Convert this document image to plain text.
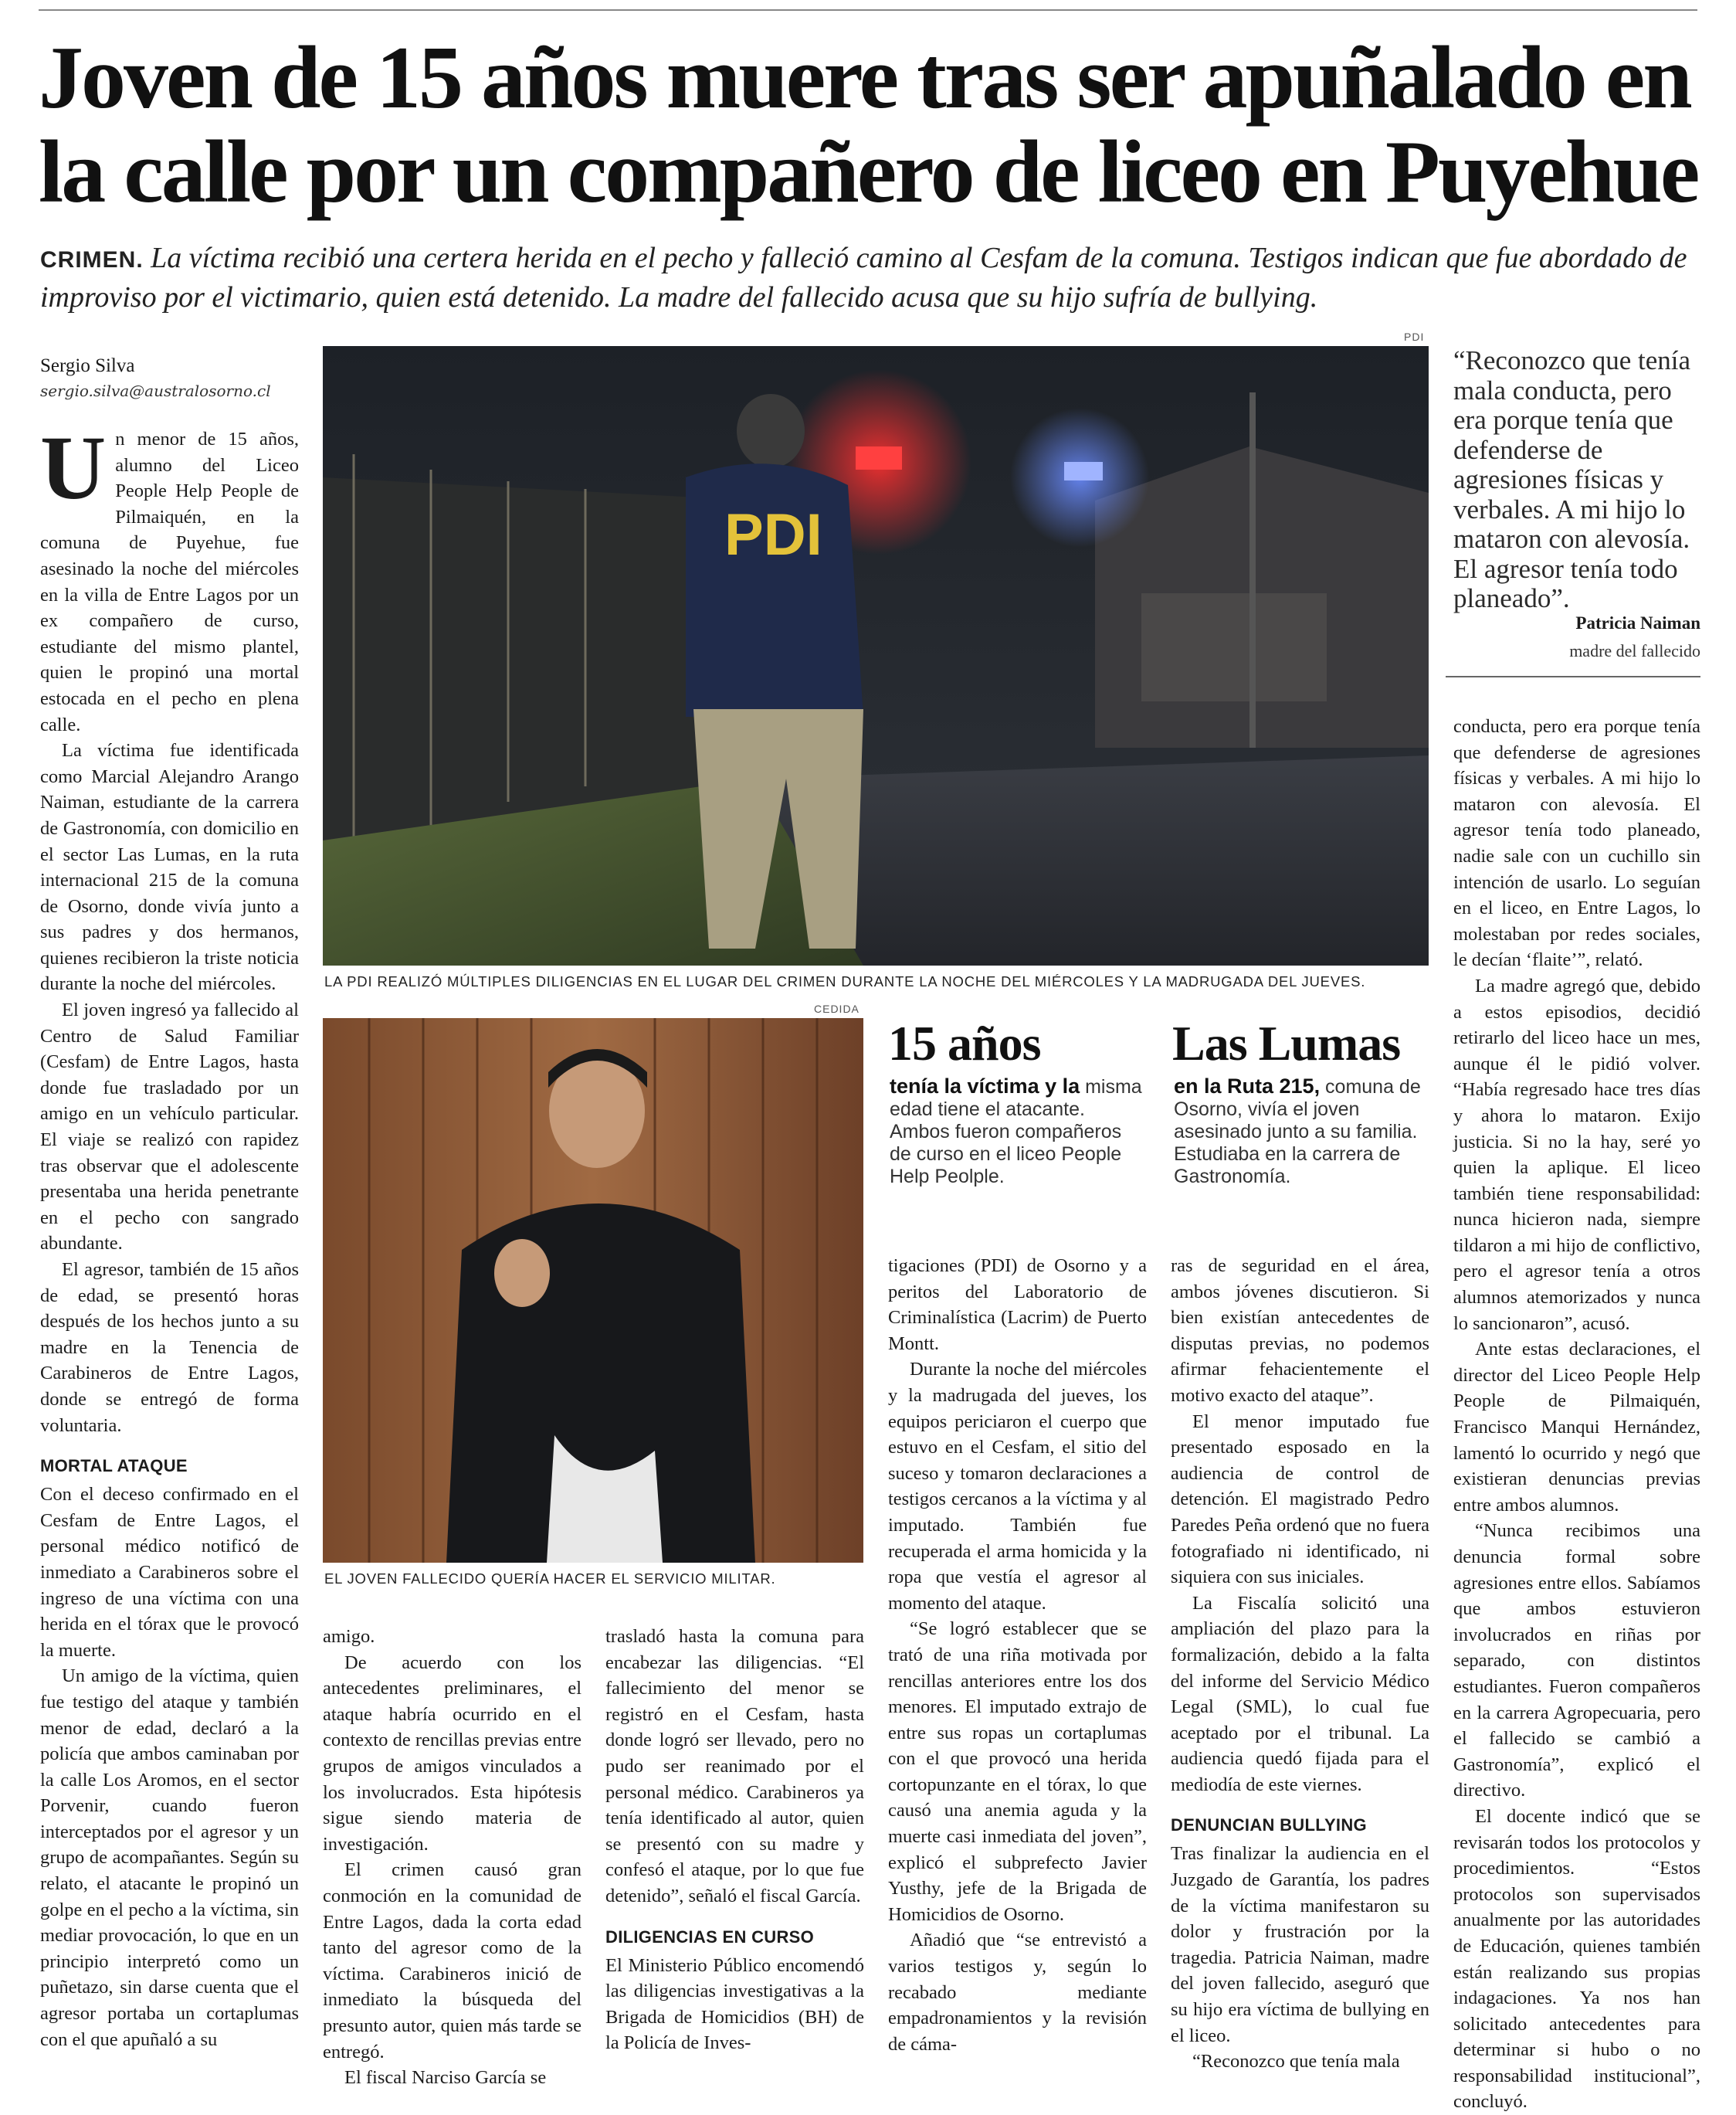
Joven de 15 años muere tras ser apuñalado en la calle por un compañero de liceo en Puyehue
CRIMEN. La víctima recibió una certera herida en el pecho y falleció camino al Cesfam de la comuna. Testigos indican que fue abordado de improviso por el victimario, quien está detenido. La madre del fallecido acusa que su hijo sufría de bullying.
Sergio Silva
sergio.silva@australosorno.cl

Un menor de 15 años, alumno del Liceo People Help People de Pilmaiquén, en la comuna de Puyehue, fue asesinado la noche del miércoles en la villa de Entre Lagos por un ex compañero de curso, estudiante del mismo plantel, quien le propinó una mortal estocada en el pecho en plena calle.

La víctima fue identificada como Marcial Alejandro Arango Naiman, estudiante de la carrera de Gastronomía, con domicilio en el sector Las Lumas, en la ruta internacional 215 de la comuna de Osorno, donde vivía junto a sus padres y dos hermanos, quienes recibieron la triste noticia durante la noche del miércoles.

El joven ingresó ya fallecido al Centro de Salud Familiar (Cesfam) de Entre Lagos, hasta donde fue trasladado por un amigo en un vehículo particular. El viaje se realizó con rapidez tras observar que el adolescente presentaba una herida penetrante en el pecho con sangrado abundante.

El agresor, también de 15 años de edad, se presentó horas después de los hechos junto a su madre en la Tenencia de Carabineros de Entre Lagos, donde se entregó de forma voluntaria.

MORTAL ATAQUE

Con el deceso confirmado en el Cesfam de Entre Lagos, el personal médico notificó de inmediato a Carabineros sobre el ingreso de una víctima con una herida en el tórax que le provocó la muerte.

Un amigo de la víctima, quien fue testigo del ataque y también menor de edad, declaró a la policía que ambos caminaban por la calle Los Aromos, en el sector Porvenir, cuando fueron interceptados por el agresor y un grupo de acompañantes. Según su relato, el atacante le propinó un golpe en el pecho a la víctima, sin mediar provocación, lo que en un principio interpretó como un puñetazo, sin darse cuenta que el agresor portaba un cortaplumas con el que apuñaló a su

PDI
PDI
LA PDI REALIZÓ MÚLTIPLES DILIGENCIAS EN EL LUGAR DEL CRIMEN DURANTE LA NOCHE DEL MIÉRCOLES Y LA MADRUGADA DEL JUEVES.
CEDIDA
EL JOVEN FALLECIDO QUERÍA HACER EL SERVICIO MILITAR.
“Reconozco que tenía mala conducta, pero era porque tenía que defenderse de agresiones físicas y verbales. A mi hijo lo mataron con alevosía. El agresor tenía todo planeado”.
Patricia Naiman
madre del fallecido
15 años
tenía la víctima y la misma edad tiene el atacante. Ambos fueron compañeros de curso en el liceo People Help Peolple.
Las Lumas
en la Ruta 215, comuna de Osorno, vivía el joven asesinado junto a su familia. Estudiaba en la carrera de Gastronomía.

amigo.

De acuerdo con los antecedentes preliminares, el ataque habría ocurrido en el contexto de rencillas previas entre grupos de amigos vinculados a los involucrados. Esta hipótesis sigue siendo materia de investigación.

El crimen causó gran conmoción en la comunidad de Entre Lagos, dada la corta edad tanto del agresor como de la víctima. Carabineros inició de inmediato la búsqueda del presunto autor, quien más tarde se entregó.

El fiscal Narciso García se

trasladó hasta la comuna para encabezar las diligencias. “El fallecimiento del menor se registró en el Cesfam, hasta donde logró ser llevado, pero no pudo ser reanimado por el personal médico. Carabineros ya tenía identificado al autor, quien se presentó con su madre y confesó el ataque, por lo que fue detenido”, señaló el fiscal García.

DILIGENCIAS EN CURSO

El Ministerio Público encomendó las diligencias investigativas a la Brigada de Homicidios (BH) de la Policía de Inves-

tigaciones (PDI) de Osorno y a peritos del Laboratorio de Criminalística (Lacrim) de Puerto Montt.

Durante la noche del miércoles y la madrugada del jueves, los equipos periciaron el cuerpo que estuvo en el Cesfam, el sitio del suceso y tomaron declaraciones a testigos cercanos a la víctima y al imputado. También fue recuperada el arma homicida y la ropa que vestía el agresor al momento del ataque.

“Se logró establecer que se trató de una riña motivada por rencillas anteriores entre los dos menores. El imputado extrajo de entre sus ropas un cortaplumas con el que provocó una herida cortopunzante en el tórax, lo que causó una anemia aguda y la muerte casi inmediata del joven”, explicó el subprefecto Javier Yusthy, jefe de la Brigada de Homicidios de Osorno.

Añadió que “se entrevistó a varios testigos y, según lo recabado mediante empadronamientos y la revisión de cáma-

ras de seguridad en el área, ambos jóvenes discutieron. Si bien existían antecedentes de disputas previas, no podemos afirmar fehacientemente el motivo exacto del ataque”.

El menor imputado fue presentado esposado en la audiencia de control de detención. El magistrado Pedro Paredes Peña ordenó que no fuera fotografiado ni identificado, ni siquiera con sus iniciales.

La Fiscalía solicitó una ampliación del plazo para la formalización, debido a la falta del informe del Servicio Médico Legal (SML), lo cual fue aceptado por el tribunal. La audiencia quedó fijada para el mediodía de este viernes.

DENUNCIAN BULLYING

Tras finalizar la audiencia en el Juzgado de Garantía, los padres de la víctima manifestaron su dolor y frustración por la tragedia. Patricia Naiman, madre del joven fallecido, aseguró que su hijo era víctima de bullying en el liceo.

“Reconozco que tenía mala

conducta, pero era porque tenía que defenderse de agresiones físicas y verbales. A mi hijo lo mataron con alevosía. El agresor tenía todo planeado, nadie sale con un cuchillo sin intención de usarlo. Lo seguían en el liceo, en Entre Lagos, lo molestaban por redes sociales, le decían ‘flaite’”, relató.

La madre agregó que, debido a estos episodios, decidió retirarlo del liceo hace un mes, aunque él le pidió volver. “Había regresado hace tres días y ahora lo mataron. Exijo justicia. Si no la hay, seré yo quien la aplique. El liceo también tiene responsabilidad: nunca hicieron nada, siempre tildaron a mi hijo de conflictivo, pero el agresor tenía a otros alumnos atemorizados y nunca lo sancionaron”, acusó.

Ante estas declaraciones, el director del Liceo People Help People de Pilmaiquén, Francisco Manqui Hernández, lamentó lo ocurrido y negó que existieran denuncias previas entre ambos alumnos.

“Nunca recibimos una denuncia formal sobre agresiones entre ellos. Sabíamos que ambos estuvieron involucrados en riñas por separado, con distintos estudiantes. Fueron compañeros en la carrera Agropecuaria, pero el fallecido se cambió a Gastronomía”, explicó el directivo.

El docente indicó que se revisarán todos los protocolos y procedimientos. “Estos protocolos son supervisados anualmente por las autoridades de Educación, quienes también están realizando sus propias indagaciones. Ya nos han solicitado antecedentes para determinar si hubo o no responsabilidad institucional”, concluyó.
